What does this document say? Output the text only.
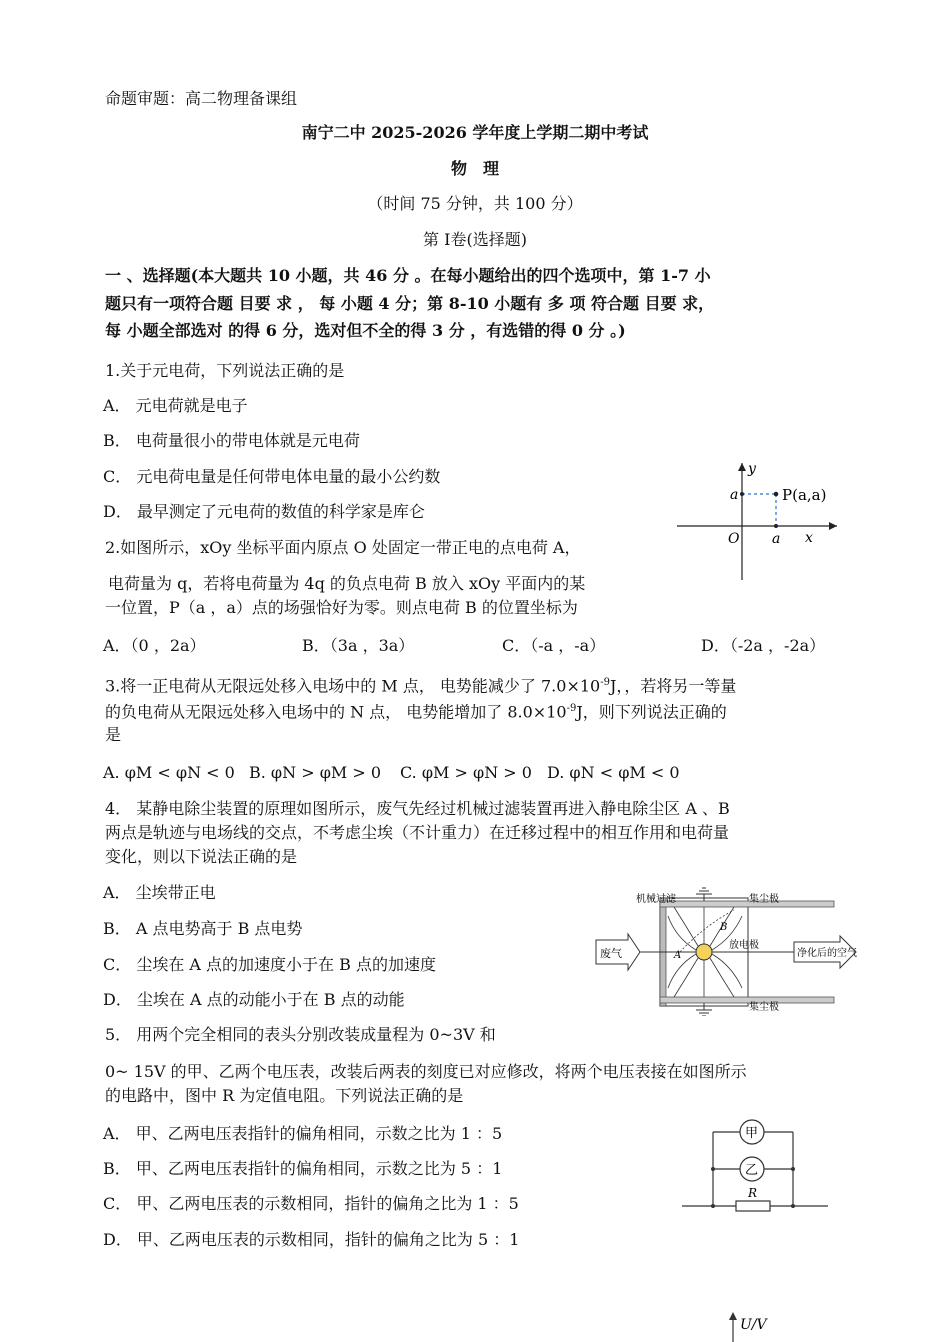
命题审题：高二物理备课组
南宁二中 2025-2026 学年度上学期二期中考试
物　理
（时间 75 分钟，共 100 分）
第 Ⅰ卷(选择题)
一 、选择题(本大题共 10 小题，共 46 分 。在每小题给出的四个选项中，第 1-7 小
题只有一项符合题 目要 求 ， 每 小题 4 分；第 8-10 小题有 多 项 符合题 目要 求，
每 小题全部选对 的得 6 分，选对但不全的得 3 分 ，有选错的得 0 分 。)
1.关于元电荷，下列说法正确的是
A． 元电荷就是电子
B． 电荷量很小的带电体就是元电荷
C． 元电荷电量是任何带电体电量的最小公约数
D． 最早测定了元电荷的数值的科学家是库仑
y
x
O
a
a
P(a,a)
2.如图所示，xOy 坐标平面内原点 O 处固定一带正电的点电荷 A，
电荷量为 q，若将电荷量为 4q 的负点电荷 B 放入 xOy 平面内的某
一位置，P（a ，a）点的场强恰好为零。则点电荷 B 的位置坐标为
A．（0 ，2a）	B．（3a ，3a）	C．（-a ，-a）	D．（-2a ，-2a）
3.将一正电荷从无限远处移入电场中的 M 点， 电势能减少了 $7.0\times 10^{-9}J$，，若将另一等量
的负电荷从无限远处移入电场中的 N 点， 电势能增加了 $8.0\times 10^{-9}J$，则下列说法正确的
是
A. φM < φN < 0 B. φN > φM > 0 C. φM > φN > 0 D. φN < φM < 0
4． 某静电除尘装置的原理如图所示，废气先经过机械过滤装置再进入静电除尘区 A 、B
两点是轨迹与电场线的交点，不考虑尘埃（不计重力）在迁移过程中的相互作用和电荷量
变化，则以下说法正确的是
A． 尘埃带正电
B． A 点电势高于 B 点电势
C． 尘埃在 A 点的加速度小于在 B 点的加速度
D． 尘埃在 A 点的动能小于在 B 点的动能
机械过滤	集尘极
集尘极
废气
放电极
净化后的空气
A
B
5． 用两个完全相同的表头分别改装成量程为 0~3V 和
0~ 15V 的甲、乙两个电压表，改装后两表的刻度已对应修改，将两个电压表接在如图所示
的电路中，图中 R 为定值电阻。下列说法正确的是
A． 甲、乙两电压表指针的偏角相同，示数之比为 1 ：5
B． 甲、乙两电压表指针的偏角相同，示数之比为 5 ：1
C． 甲、乙两电压表的示数相同，指针的偏角之比为 1 ：5
D． 甲、乙两电压表的示数相同，指针的偏角之比为 5 ：1
甲
乙
R
U/V
